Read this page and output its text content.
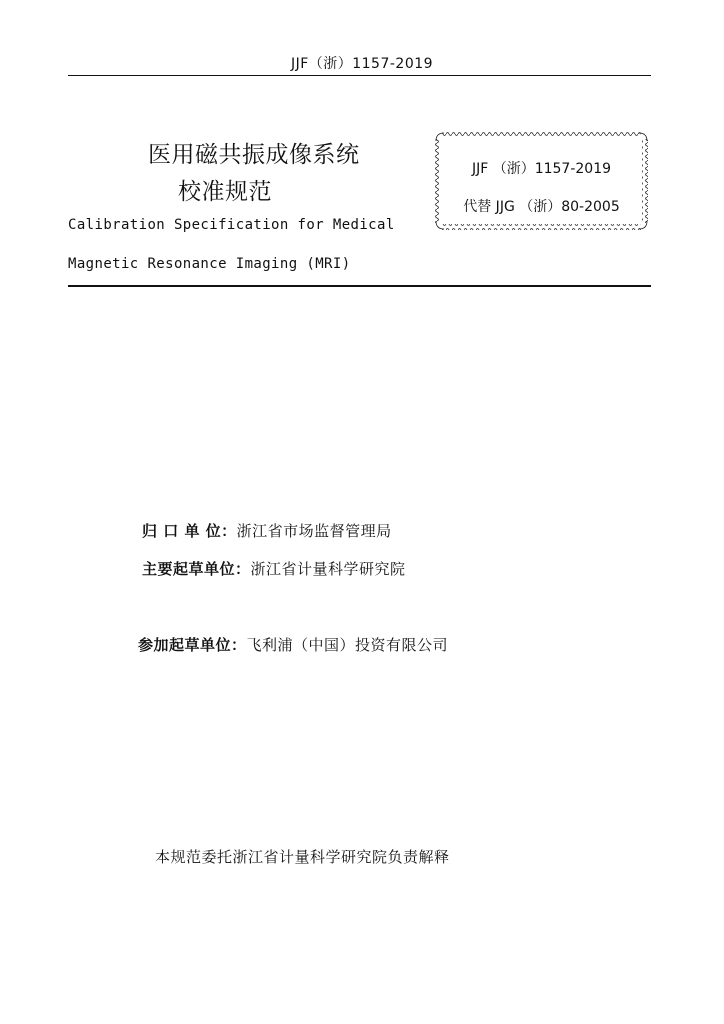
JJF（浙）1157-2019
医用磁共振成像系统
校准规范
Calibration Specification for Medical
Magnetic Resonance Imaging (MRI)
JJF （浙）1157-2019
代替 JJG （浙）80-2005
归 口 单 位：浙江省市场监督管理局
主要起草单位：浙江省计量科学研究院
参加起草单位：飞利浦（中国）投资有限公司
本规范委托浙江省计量科学研究院负责解释
